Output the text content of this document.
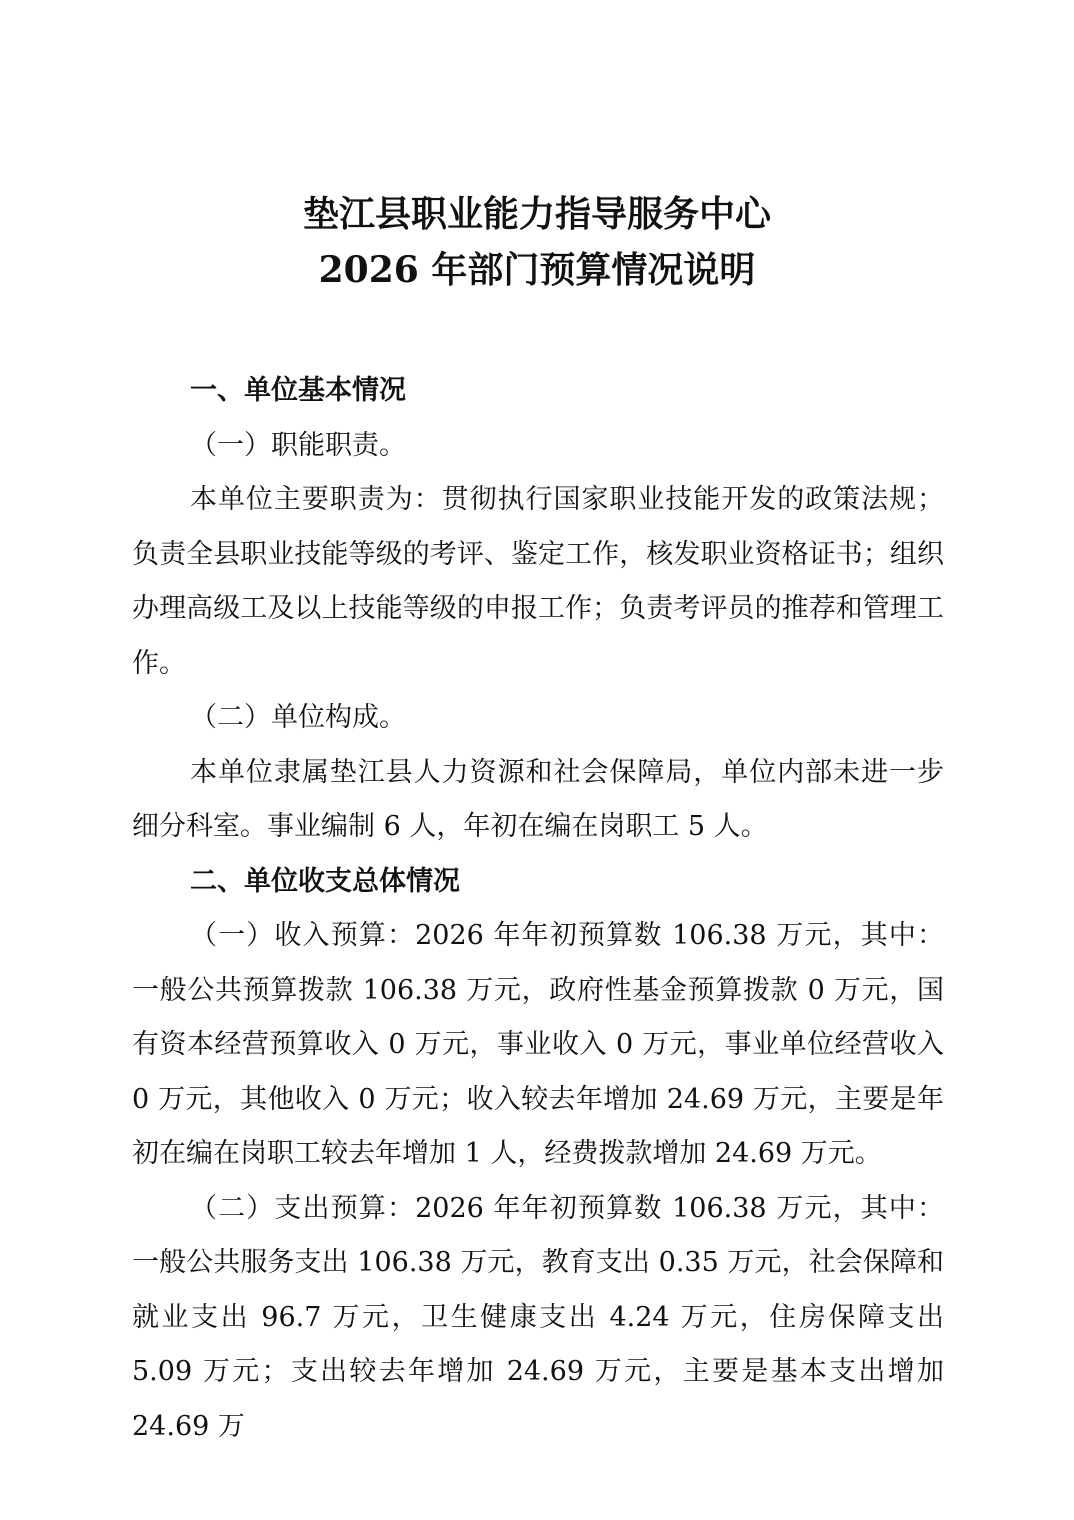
垫江县职业能力指导服务中心
2026 年部门预算情况说明

一、单位基本情况

（一）职能职责。

本单位主要职责为：贯彻执行国家职业技能开发的政策法规；负责全县职业技能等级的考评、鉴定工作，核发职业资格证书；组织办理高级工及以上技能等级的申报工作；负责考评员的推荐和管理工作。

（二）单位构成。

本单位隶属垫江县人力资源和社会保障局，单位内部未进一步细分科室。事业编制 6 人，年初在编在岗职工 5 人。

二、单位收支总体情况

（一）收入预算：2026 年年初预算数 106.38 万元，其中：一般公共预算拨款 106.38 万元，政府性基金预算拨款 0 万元，国有资本经营预算收入 0 万元，事业收入 0 万元，事业单位经营收入 0 万元，其他收入 0 万元；收入较去年增加 24.69 万元，主要是年初在编在岗职工较去年增加 1 人，经费拨款增加 24.69 万元。

（二）支出预算：2026 年年初预算数 106.38 万元，其中：一般公共服务支出 106.38 万元，教育支出 0.35 万元，社会保障和就业支出 96.7 万元，卫生健康支出 4.24 万元，住房保障支出 5.09 万元；支出较去年增加 24.69 万元，主要是基本支出增加 24.69 万
